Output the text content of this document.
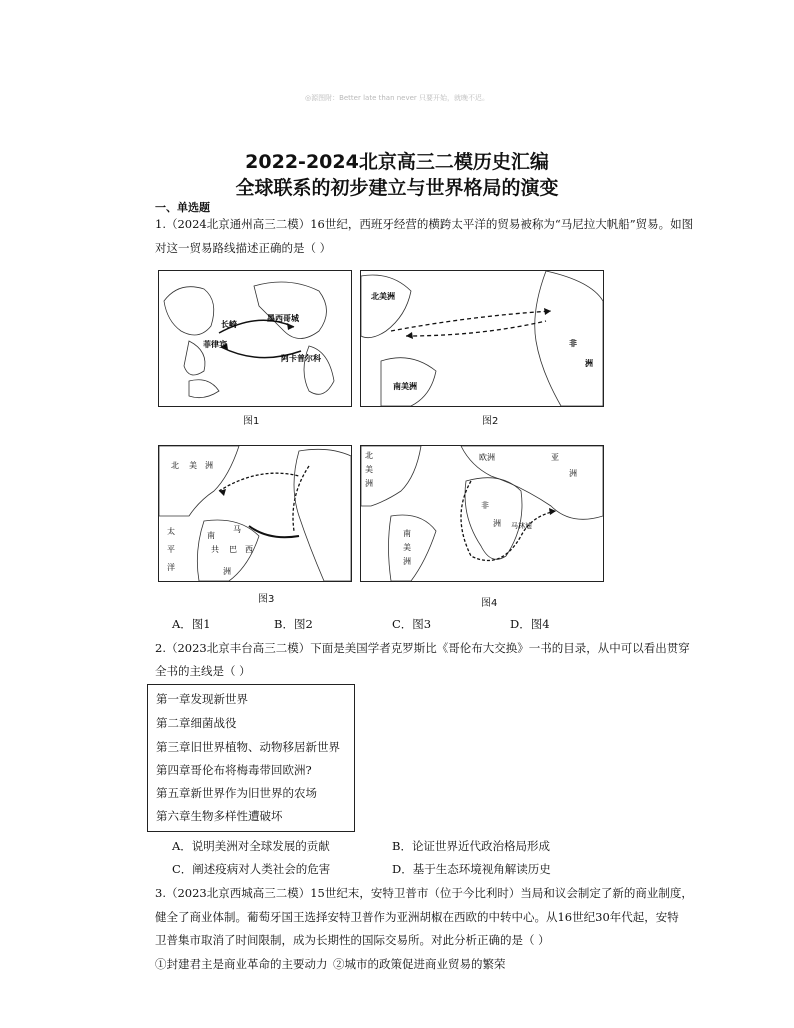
◎源图附：Better late than never 只要开始，就晚不迟。
2022-2024北京高三二模历史汇编
全球联系的初步建立与世界格局的演变
一、单选题
1.（2024北京通州高三二模）16世纪，西班牙经营的横跨太平洋的贸易被称为“马尼拉大帆船”贸易。如图
对这一贸易路线描述正确的是（ ）
长崎
墨西哥城
菲律宾
阿卡普尔科
图1
北美洲
非
洲
南美洲
图2
北 美 洲
太
平
洋
南
马
共 巴 西
洲
图3
北
美
洲
欧洲	亚
洲
非
洲
南
美
洲
马林迪
图4
A．图1	B．图2	C．图3	D．图4
2.（2023北京丰台高三二模）下面是美国学者克罗斯比《哥伦布大交换》一书的目录，从中可以看出贯穿
全书的主线是（ ）
第一章发现新世界
第二章细菌战役
第三章旧世界植物、动物移居新世界
第四章哥伦布将梅毒带回欧洲?
第五章新世界作为旧世界的农场
第六章生物多样性遭破坏
A．说明美洲对全球发展的贡献	B．论证世界近代政治格局形成
C．阐述疫病对人类社会的危害	D．基于生态环境视角解读历史
3.（2023北京西城高三二模）15世纪末，安特卫普市（位于今比利时）当局和议会制定了新的商业制度，
健全了商业体制。葡萄牙国王选择安特卫普作为亚洲胡椒在西欧的中转中心。从16世纪30年代起，安特
卫普集市取消了时间限制，成为长期性的国际交易所。对此分析正确的是（ ）
①封建君主是商业革命的主要动力 ②城市的政策促进商业贸易的繁荣
